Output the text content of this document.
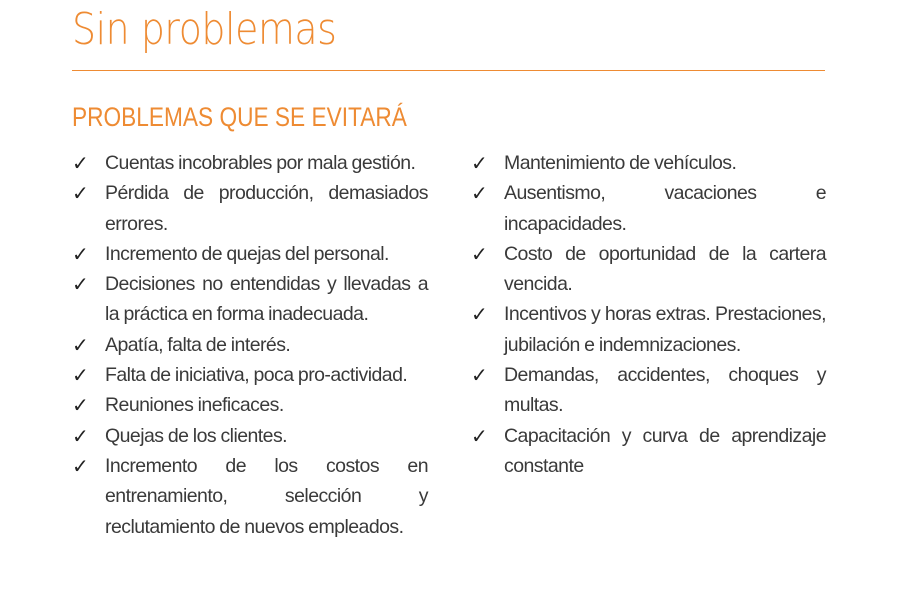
Sin problemas
PROBLEMAS QUE SE EVITARÁ
✓ Cuentas incobrables por mala gestión.
✓ Pérdida de producción, demasiados errores.
✓ Incremento de quejas del personal.
✓ Decisiones no entendidas y llevadas a la práctica en forma inadecuada.
✓ Apatía, falta de interés.
✓ Falta de iniciativa, poca pro-actividad.
✓ Reuniones ineficaces.
✓ Quejas de los clientes.
✓ Incremento de los costos en entrenamiento, selección y reclutamiento de nuevos empleados.
✓ Mantenimiento de vehículos.
✓ Ausentismo, vacaciones e incapacidades.
✓ Costo de oportunidad de la cartera vencida.
✓ Incentivos y horas extras. Prestaciones, jubilación e indemnizaciones.
✓ Demandas, accidentes, choques y multas.
✓ Capacitación y curva de aprendizaje constante
